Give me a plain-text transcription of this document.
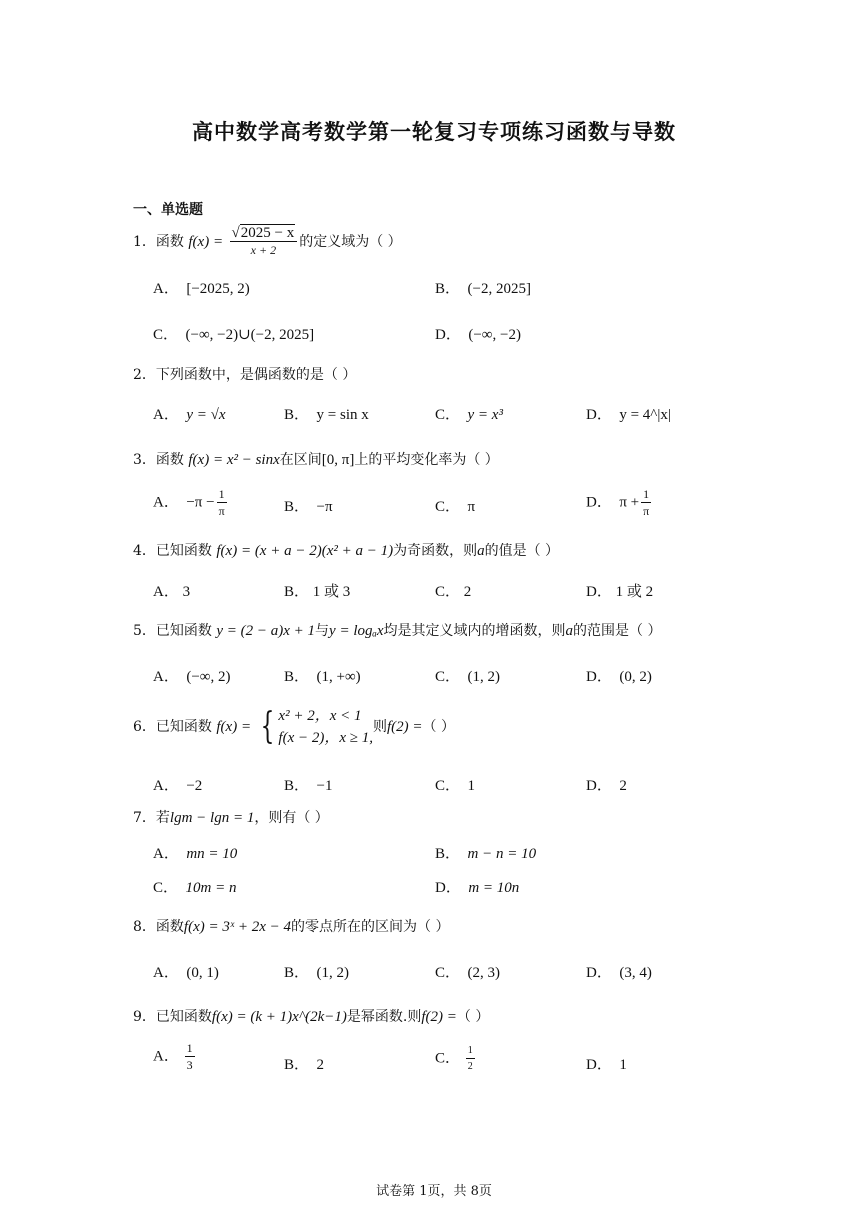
高中数学高考数学第一轮复习专项练习函数与导数
一、单选题
1．函数 $f(x) = \frac{√2025 - x}{x + 2}$ 的定义域为（ ）
A． [−2025, 2)	B． (−2, 2025]
C． (−∞, −2)∪(−2, 2025]	D． (−∞, −2)
2．下列函数中，是偶函数的是（ ）
A． y = √x	B． y = sin x	C． y = x³	D． y = 4^|x|
3．函数 f(x) = x² − sinx在区间[0, π]上的平均变化率为（ ）
A． $-\pi - \frac{1}{\pi}$	B． −π	C． π	D． $\pi + \frac{1}{\pi}$
4．已知函数 f(x) = (x + a − 2)(x² + a − 1)为奇函数，则a的值是（ ）
A． 3	B． 1 或 3	C． 2	D． 1 或 2
5．已知函数 y = (2 − a)x + 1与y = logₐx均是其定义域内的增函数，则a的范围是（ ）
A． (−∞, 2)	B． (1, +∞)	C． (1, 2)	D． (0, 2)
6．已知函数 f(x) = { x² + 2，x < 1
f(x − 2)，x ≥ 1,
则f(2) =（ ）
A． −2	B． −1	C． 1	D． 2
7．若lgm − lgn = 1，则有（ ）
A． mn = 10	B． m − n = 10
C． 10m = n	D． m = 10n
8．函数f(x) = 3ˣ + 2x − 4的零点所在的区间为（ ）
A． (0, 1)	B． (1, 2)	C． (2, 3)	D． (3, 4)
9．已知函数f(x) = (k + 1)x^(2k−1)是幂函数.则f(2) =（ ）
A． $\frac{1}{3}$	B． 2	C． $\frac{1}{2}$	D． 1
试卷第 1页，共 8页
